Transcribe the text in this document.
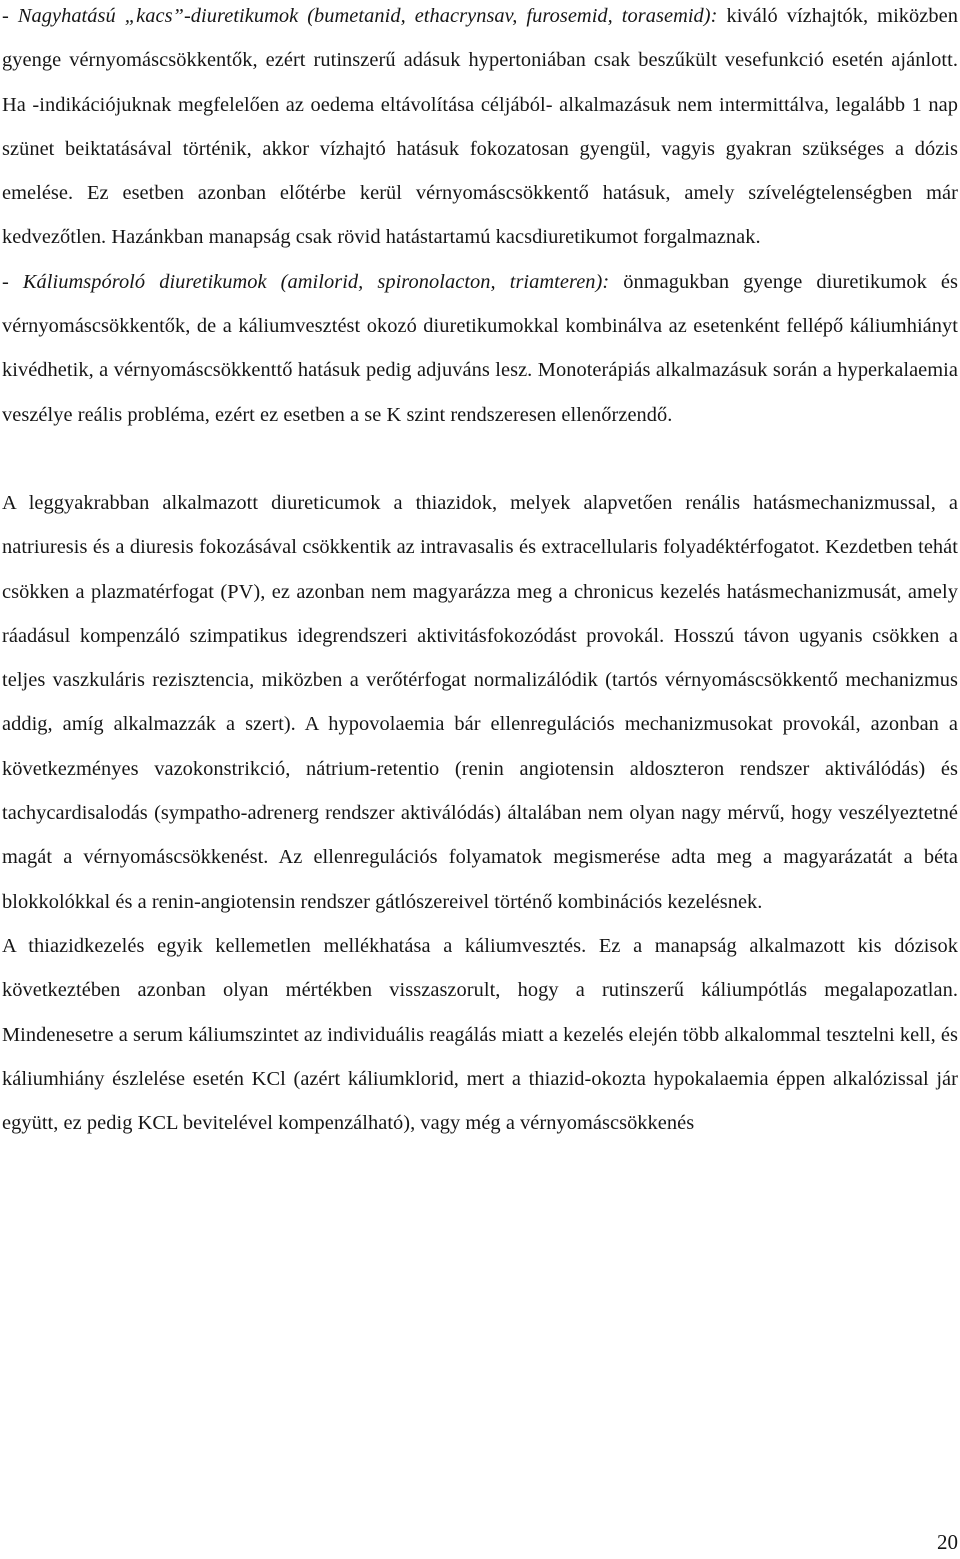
- Nagyhatású „kacs”-diuretikumok (bumetanid, ethacrynsav, furosemid, torasemid): kiváló vízhajtók, miközben gyenge vérnyomáscsökkentők, ezért rutinszerű adásuk hypertoniában csak beszűkült vesefunkció esetén ajánlott. Ha -indikációjuknak megfelelően az oedema eltávolítása céljából- alkalmazásuk nem intermittálva, legalább 1 nap szünet beiktatásával történik, akkor vízhajtó hatásuk fokozatosan gyengül, vagyis gyakran szükséges a dózis emelése. Ez esetben azonban előtérbe kerül vérnyomáscsökkentő hatásuk, amely szívelégtelenségben már kedvezőtlen. Hazánkban manapság csak rövid hatástartamú kacsdiuretikumot forgalmaznak.

- Káliumspóroló diuretikumok (amilorid, spironolacton, triamteren): önmagukban gyenge diuretikumok és vérnyomáscsökkentők, de a káliumvesztést okozó diuretikumokkal kombinálva az esetenként fellépő káliumhiányt kivédhetik, a vérnyomáscsökkenttő hatásuk pedig adjuváns lesz. Monoterápiás alkalmazásuk során a hyperkalaemia veszélye reális probléma, ezért ez esetben a se K szint rendszeresen ellenőrzendő.

A leggyakrabban alkalmazott diureticumok a thiazidok, melyek alapvetően renális hatásmechanizmussal, a natriuresis és a diuresis fokozásával csökkentik az intravasalis és extracellularis folyadéktérfogatot. Kezdetben tehát csökken a plazmatérfogat (PV), ez azonban nem magyarázza meg a chronicus kezelés hatásmechanizmusát, amely ráadásul kompenzáló szimpatikus idegrendszeri aktivitásfokozódást provokál. Hosszú távon ugyanis csökken a teljes vaszkuláris rezisztencia, miközben a verőtérfogat normalizálódik (tartós vérnyomáscsökkentő mechanizmus addig, amíg alkalmazzák a szert). A hypovolaemia bár ellenregulációs mechanizmusokat provokál, azonban a következményes vazokonstrikció, nátrium-retentio (renin angiotensin aldoszteron rendszer aktiválódás) és tachycardisalodás (sympatho-adrenerg rendszer aktiválódás) általában nem olyan nagy mérvű, hogy veszélyeztetné magát a vérnyomáscsökkenést. Az ellenregulációs folyamatok megismerése adta meg a magyarázatát a béta blokkolókkal és a renin-angiotensin rendszer gátlószereivel történő kombinációs kezelésnek.

A thiazidkezelés egyik kellemetlen mellékhatása a káliumvesztés. Ez a manapság alkalmazott kis dózisok következtében azonban olyan mértékben visszaszorult, hogy a rutinszerű káliumpótlás megalapozatlan. Mindenesetre a serum káliumszintet az individuális reagálás miatt a kezelés elején több alkalommal tesztelni kell, és káliumhiány észlelése esetén KCl (azért káliumklorid, mert a thiazid-okozta hypokalaemia éppen alkalózissal jár együtt, ez pedig KCL bevitelével kompenzálható), vagy még a vérnyomáscsökkenés

20
